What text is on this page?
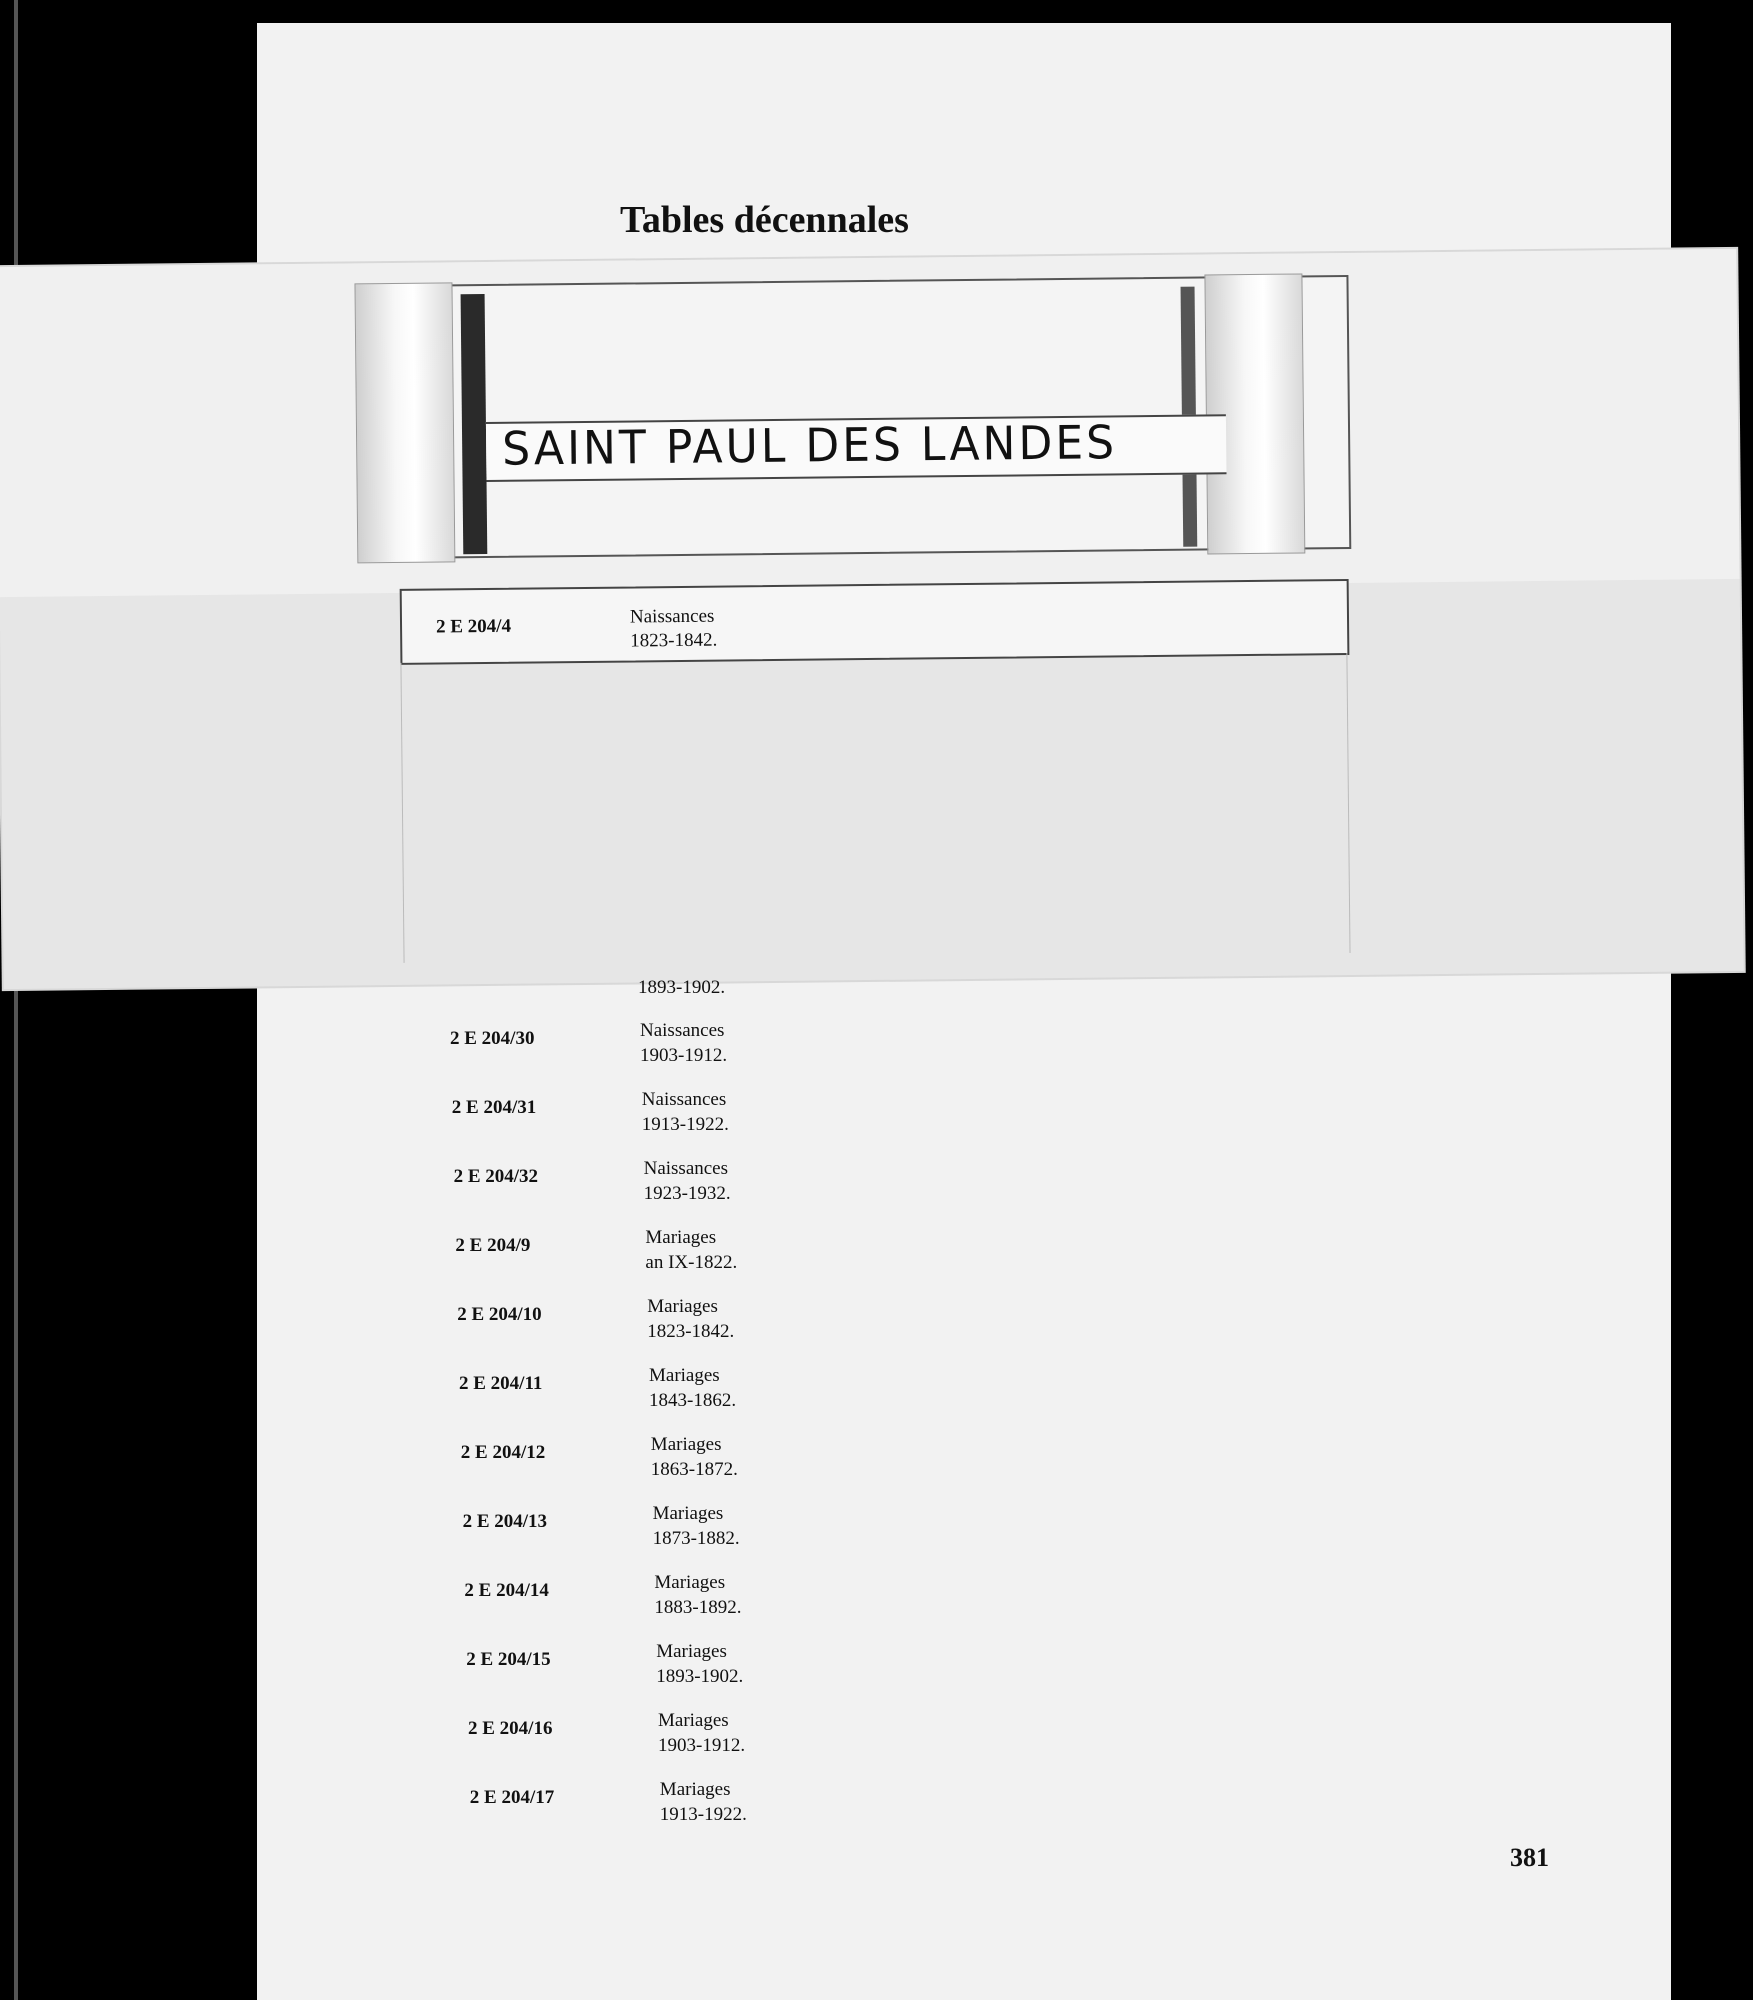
Tables décennales
SAINT PAUL DES LANDES
2 E 204/4	Naissances
1823-1842.
1893-1902.
2 E 204/30	Naissances
1903-1912.
2 E 204/31	Naissances
1913-1922.
2 E 204/32	Naissances
1923-1932.
2 E 204/9	Mariages
an IX-1822.
2 E 204/10	Mariages
1823-1842.
2 E 204/11	Mariages
1843-1862.
2 E 204/12	Mariages
1863-1872.
2 E 204/13	Mariages
1873-1882.
2 E 204/14	Mariages
1883-1892.
2 E 204/15	Mariages
1893-1902.
2 E 204/16	Mariages
1903-1912.
2 E 204/17	Mariages
1913-1922.
381
